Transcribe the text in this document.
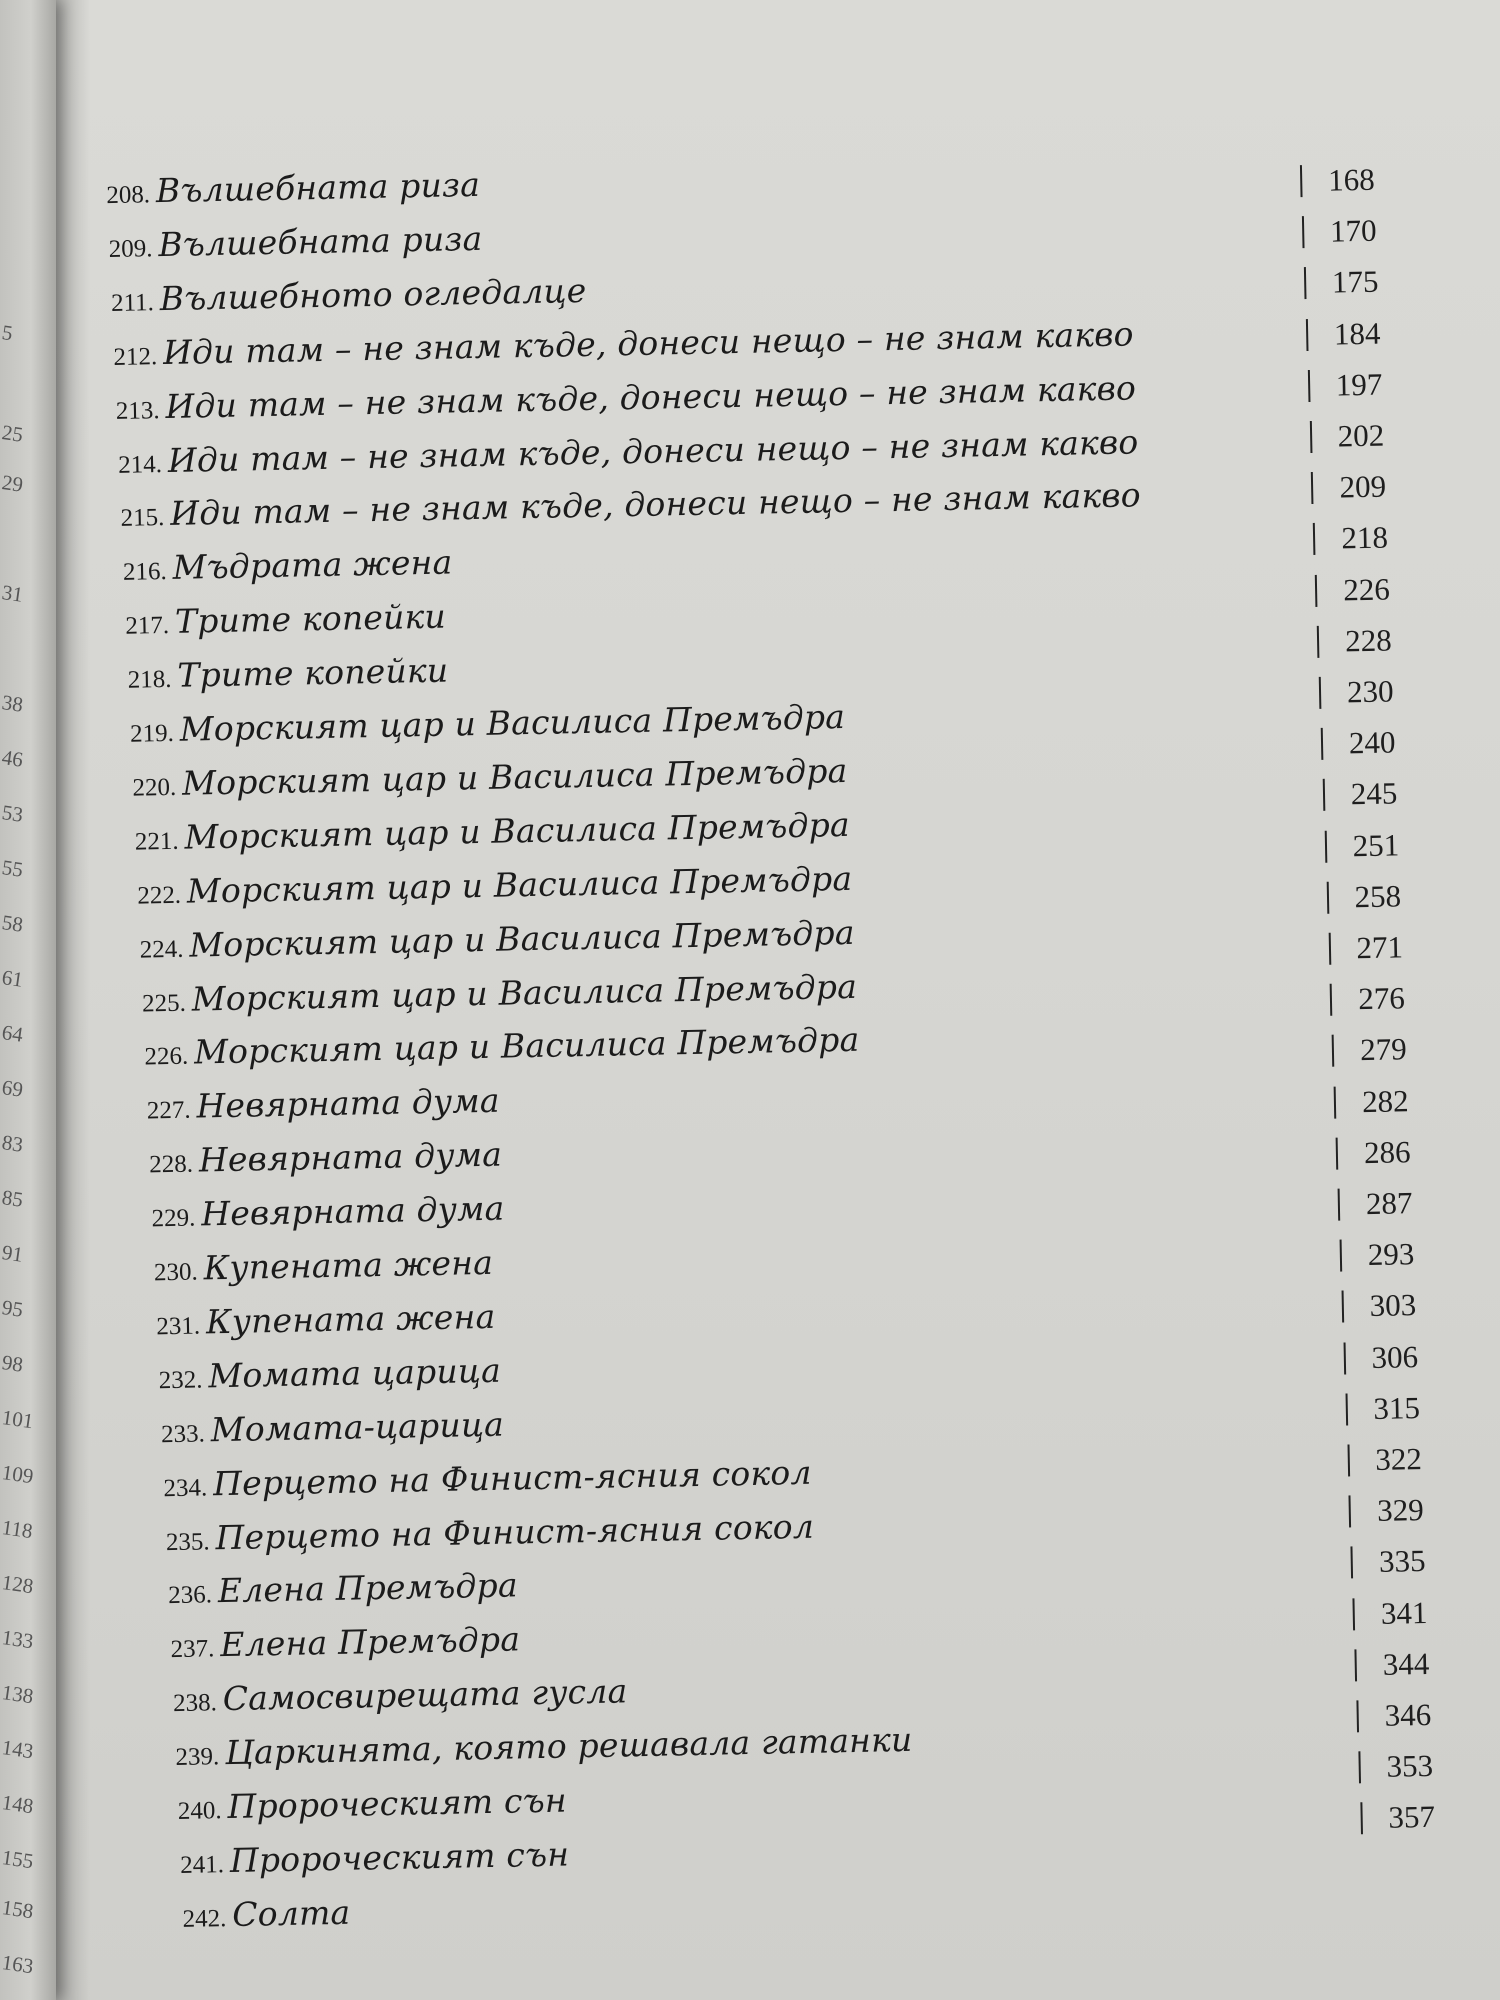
5
25
29
31
38
46
53
55
58
61
64
69
83
85
91
95
98
101
109
118
128
133
138
143
148
155
158
163
168
170
175
184
197
202
209
218
226
228
230
240
245
251
258
271
276
279
282
286
287
293
303
306
315
322
329
335
341
344
346
353
357
208. Вълшебната риза
209. Вълшебната риза
211. Вълшебното огледалце
212. Иди там – не знам къде, донеси нещо – не знам какво
213. Иди там – не знам къде, донеси нещо – не знам какво
214. Иди там – не знам къде, донеси нещо – не знам какво
215. Иди там – не знам къде, донеси нещо – не знам какво
216. Мъдрата жена
217. Трите копейки
218. Трите копейки
219. Морският цар и Василиса Премъдра
220. Морският цар и Василиса Премъдра
221. Морският цар и Василиса Премъдра
222. Морският цар и Василиса Премъдра
224. Морският цар и Василиса Премъдра
225. Морският цар и Василиса Премъдра
226. Морският цар и Василиса Премъдра
227. Невярната дума
228. Невярната дума
229. Невярната дума
230. Купената жена
231. Купената жена
232. Момата царица
233. Момата-царица
234. Перцето на Финист-ясния сокол
235. Перцето на Финист-ясния сокол
236. Елена Премъдра
237. Елена Премъдра
238. Самосвирещата гусла
239. Царкинята, която решавала гатанки
240. Пророческият сън
241. Пророческият сън
242. Солта
